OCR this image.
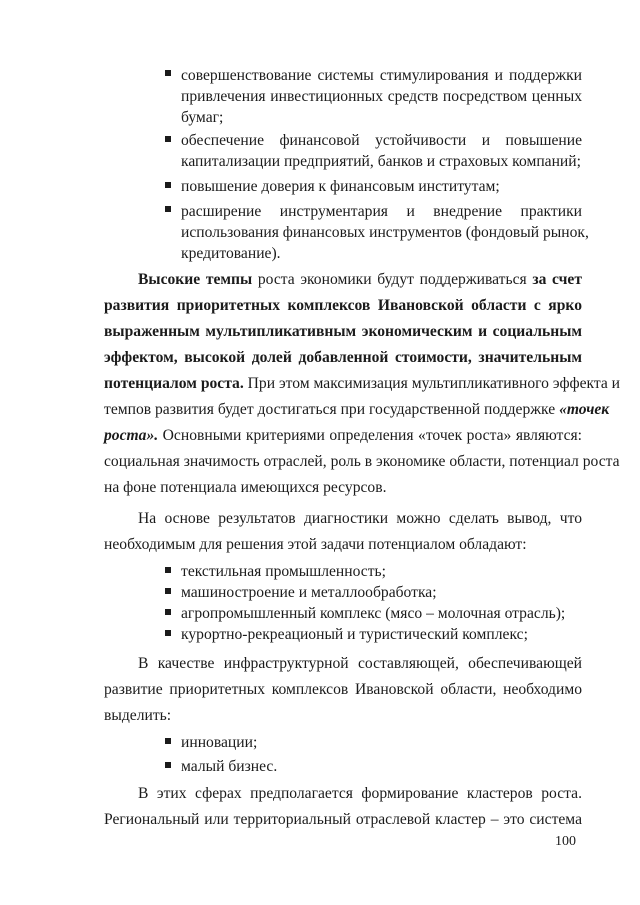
совершенствование системы стимулирования и поддержки
привлечения инвестиционных средств посредством ценных
бумаг;
обеспечение финансовой устойчивости и повышение
капитализации предприятий, банков и страховых компаний;
повышение доверия к финансовым институтам;
расширение инструментария и внедрение практики
использования финансовых инструментов (фондовый рынок,
кредитование).
Высокие темпы роста экономики будут поддерживаться за счет
развития приоритетных комплексов Ивановской области с ярко
выраженным мультипликативным экономическим и социальным
эффектом, высокой долей добавленной стоимости, значительным
потенциалом роста. При этом максимизация мультипликативного эффекта и
темпов развития будет достигаться при государственной поддержке «точек
роста». Основными критериями определения «точек роста» являются:
социальная значимость отраслей, роль в экономике области, потенциал роста
на фоне потенциала имеющихся ресурсов.
На основе результатов диагностики можно сделать вывод, что
необходимым для решения этой задачи потенциалом обладают:
текстильная промышленность;
машиностроение и металлообработка;
агропромышленный комплекс (мясо – молочная отрасль);
курортно-рекреационый и туристический комплекс;
В качестве инфраструктурной составляющей, обеспечивающей
развитие приоритетных комплексов Ивановской области, необходимо
выделить:
инновации;
малый бизнес.
В этих сферах предполагается формирование кластеров роста.
Региональный или территориальный отраслевой кластер – это система
100
